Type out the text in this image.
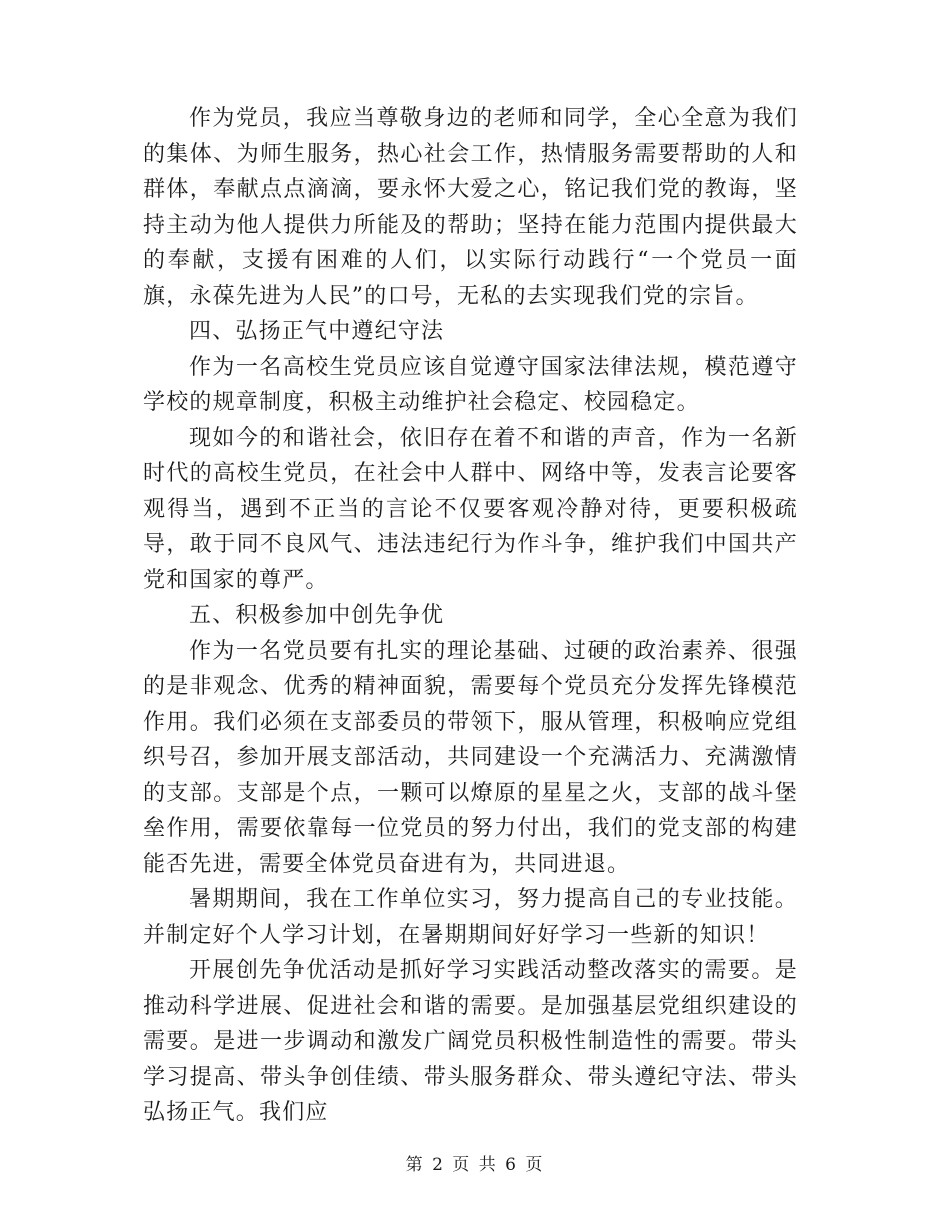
作为党员，我应当尊敬身边的老师和同学，全心全意为我们的集体、为师生服务，热心社会工作，热情服务需要帮助的人和群体，奉献点点滴滴，要永怀大爱之心，铭记我们党的教诲，坚持主动为他人提供力所能及的帮助；坚持在能力范围内提供最大的奉献，支援有困难的人们，以实际行动践行“一个党员一面旗，永葆先进为人民”的口号，无私的去实现我们党的宗旨。

四、弘扬正气中遵纪守法

作为一名高校生党员应该自觉遵守国家法律法规，模范遵守学校的规章制度，积极主动维护社会稳定、校园稳定。

现如今的和谐社会，依旧存在着不和谐的声音，作为一名新时代的高校生党员，在社会中人群中、网络中等，发表言论要客观得当，遇到不正当的言论不仅要客观冷静对待，更要积极疏导，敢于同不良风气、违法违纪行为作斗争，维护我们中国共产党和国家的尊严。

五、积极参加中创先争优

作为一名党员要有扎实的理论基础、过硬的政治素养、很强的是非观念、优秀的精神面貌，需要每个党员充分发挥先锋模范作用。我们必须在支部委员的带领下，服从管理，积极响应党组织号召，参加开展支部活动，共同建设一个充满活力、充满激情的支部。支部是个点，一颗可以燎原的星星之火，支部的战斗堡垒作用，需要依靠每一位党员的努力付出，我们的党支部的构建能否先进，需要全体党员奋进有为，共同进退。

暑期期间，我在工作单位实习，努力提高自己的专业技能。并制定好个人学习计划，在暑期期间好好学习一些新的知识！

开展创先争优活动是抓好学习实践活动整改落实的需要。是推动科学进展、促进社会和谐的需要。是加强基层党组织建设的需要。是进一步调动和激发广阔党员积极性制造性的需要。带头学习提高、带头争创佳绩、带头服务群众、带头遵纪守法、带头弘扬正气。我们应

第 2 页 共 6 页
